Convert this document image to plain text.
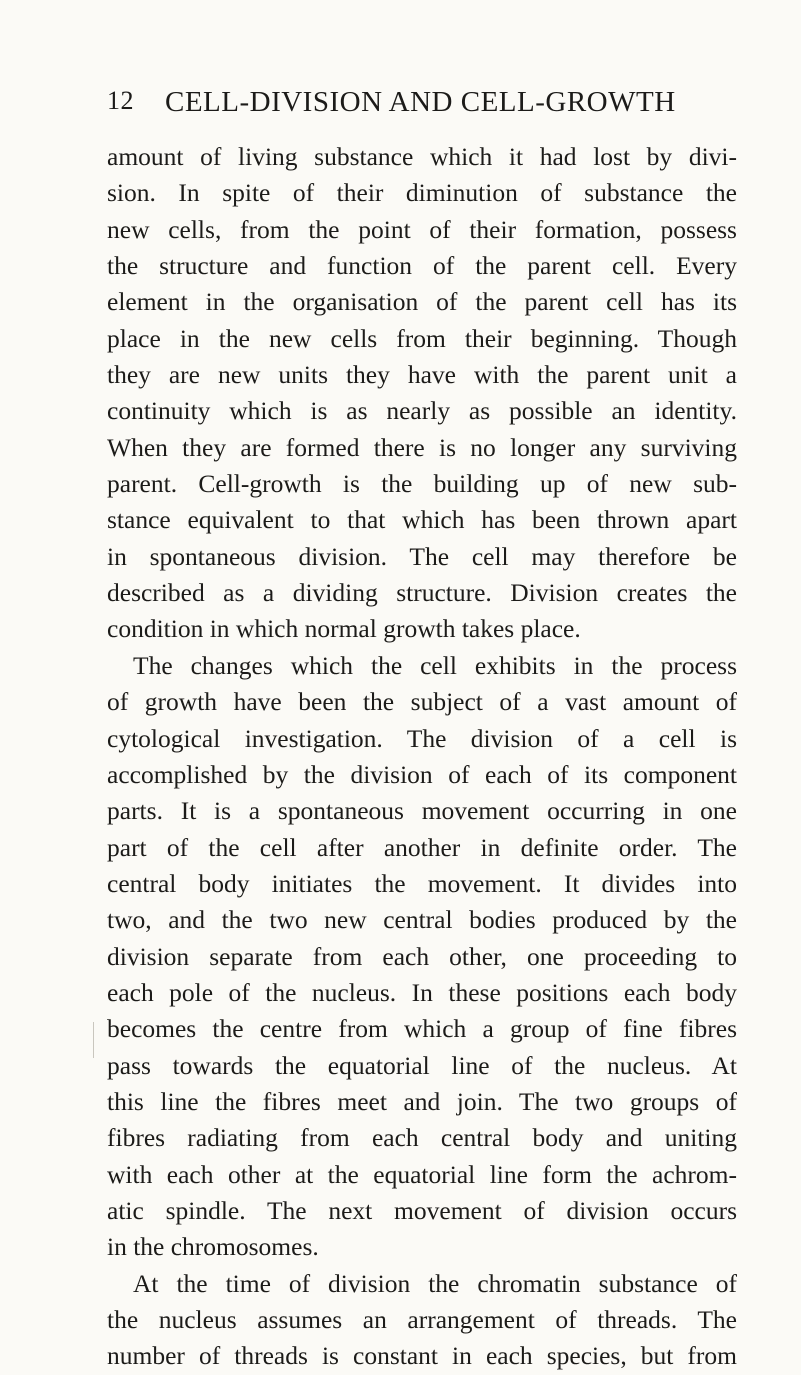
12 CELL-DIVISION AND CELL-GROWTH
amount of living substance which it had lost by divi-
sion. In spite of their diminution of substance the
new cells, from the point of their formation, possess
the structure and function of the parent cell. Every
element in the organisation of the parent cell has its
place in the new cells from their beginning. Though
they are new units they have with the parent unit a
continuity which is as nearly as possible an identity.
When they are formed there is no longer any surviving
parent. Cell-growth is the building up of new sub-
stance equivalent to that which has been thrown apart
in spontaneous division. The cell may therefore be
described as a dividing structure. Division creates the
condition in which normal growth takes place.
The changes which the cell exhibits in the process
of growth have been the subject of a vast amount of
cytological investigation. The division of a cell is
accomplished by the division of each of its component
parts. It is a spontaneous movement occurring in one
part of the cell after another in definite order. The
central body initiates the movement. It divides into
two, and the two new central bodies produced by the
division separate from each other, one proceeding to
each pole of the nucleus. In these positions each body
becomes the centre from which a group of fine fibres
pass towards the equatorial line of the nucleus. At
this line the fibres meet and join. The two groups of
fibres radiating from each central body and uniting
with each other at the equatorial line form the achrom-
atic spindle. The next movement of division occurs
in the chromosomes.
At the time of division the chromatin substance of
the nucleus assumes an arrangement of threads. The
number of threads is constant in each species, but from
